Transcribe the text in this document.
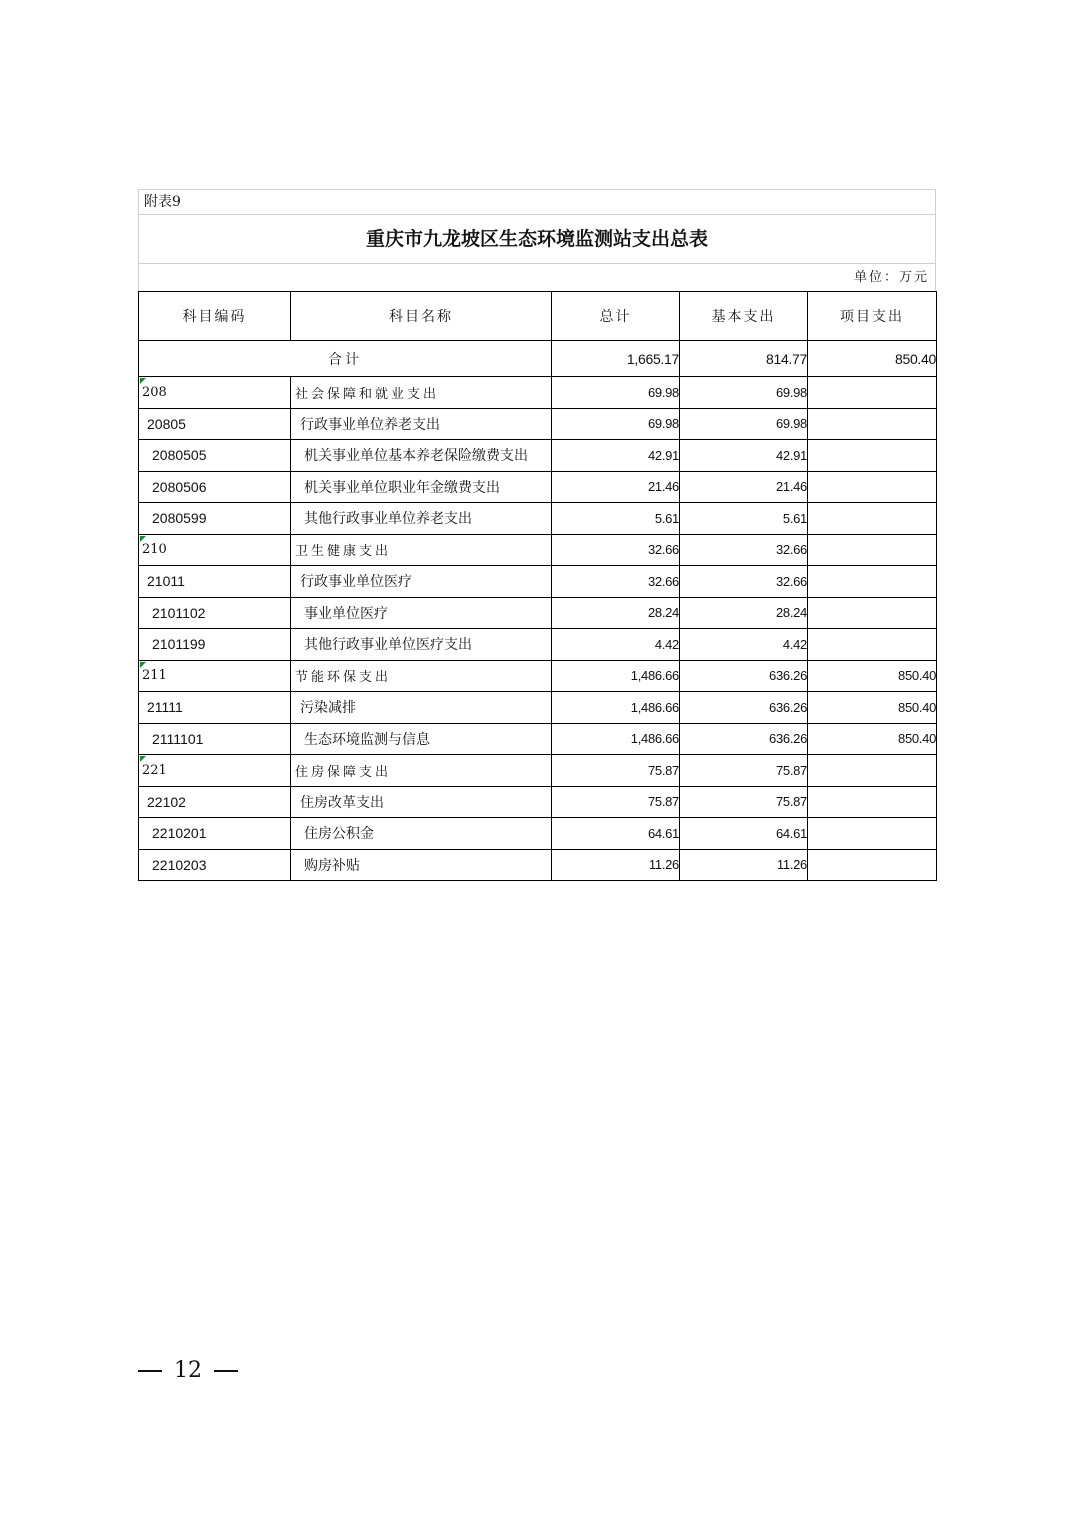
附表9
重庆市九龙坡区生态环境监测站支出总表
单位：万元
科目编码	科目名称	总计	基本支出	项目支出
合计		1,665.17	814.77	850.40

208	社会保障和就业支出	69.98	69.98	
20805	行政事业单位养老支出	69.98	69.98	
2080505	机关事业单位基本养老保险缴费支出	42.91	42.91	
2080506	机关事业单位职业年金缴费支出	21.46	21.46	
2080599	其他行政事业单位养老支出	5.61	5.61	

210	卫生健康支出	32.66	32.66	
21011	行政事业单位医疗	32.66	32.66	
2101102	事业单位医疗	28.24	28.24	
2101199	其他行政事业单位医疗支出	4.42	4.42	

211	节能环保支出	1,486.66	636.26	850.40
21111	污染减排	1,486.66	636.26	850.40
2111101	生态环境监测与信息	1,486.66	636.26	850.40

221	住房保障支出	75.87	75.87	
22102	住房改革支出	75.87	75.87	
2210201	住房公积金	64.61	64.61	
2210203	购房补贴	11.26	11.26	
12
